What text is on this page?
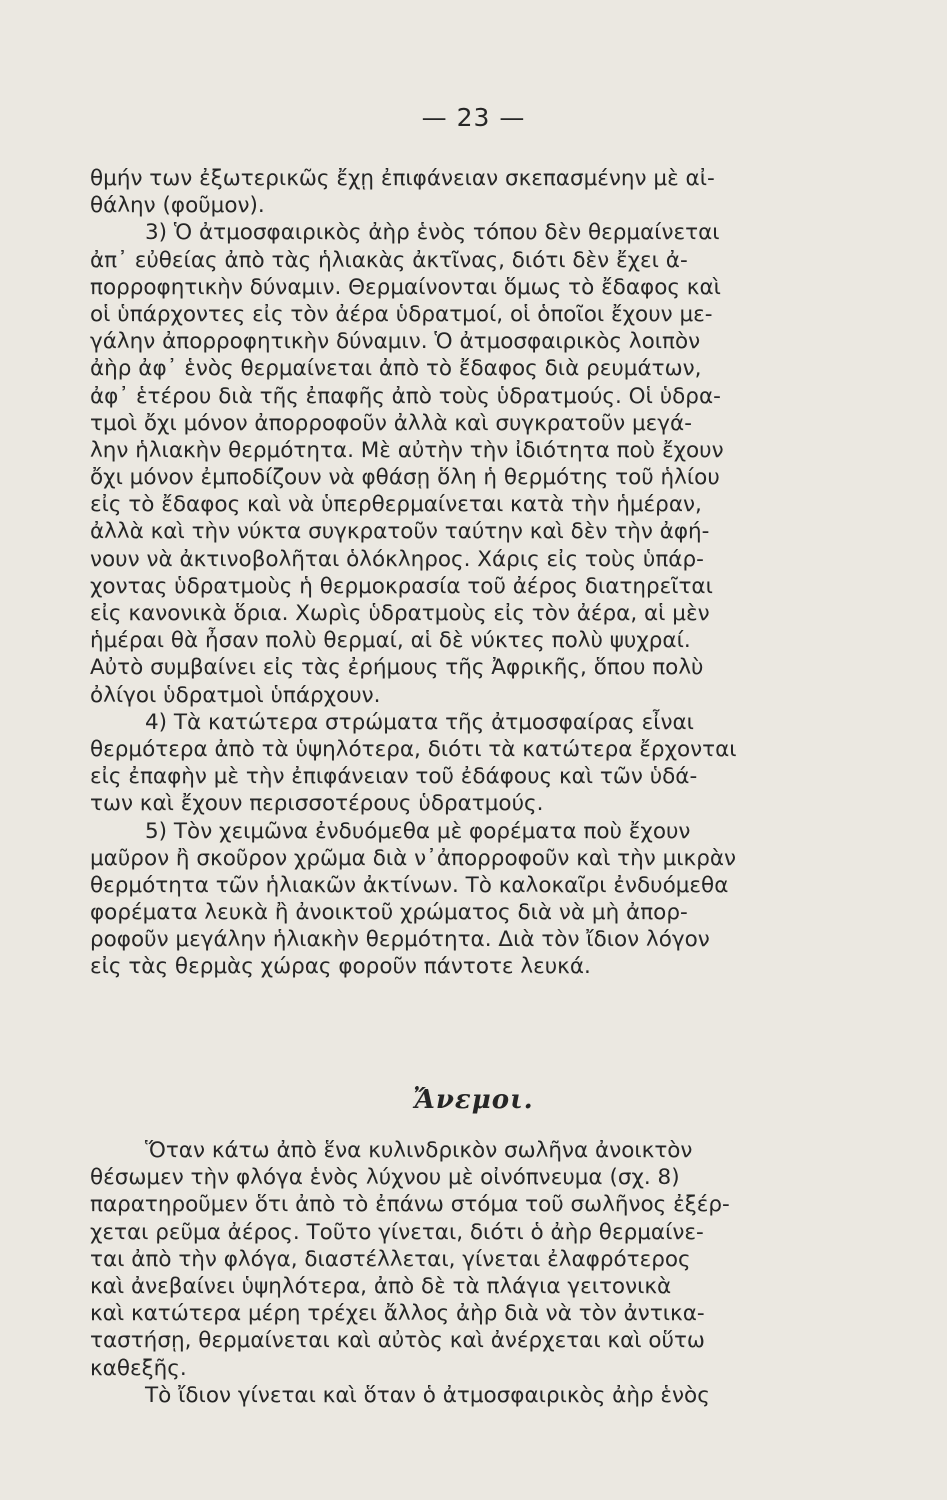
— 23 —
θμήν των ἐξωτερικῶς ἔχῃ ἐπιφάνειαν σκεπασμένην μὲ αἰ-
θάλην (φοῦμον).
3) Ὁ ἀτμοσφαιρικὸς ἀὴρ ἑνὸς τόπου δὲν θερμαίνεται
ἀπ᾿ εὐθείας ἀπὸ τὰς ἡλιακὰς ἀκτῖνας, διότι δὲν ἔχει ἀ-
πορροφητικὴν δύναμιν. Θερμαίνονται ὅμως τὸ ἔδαφος καὶ
οἱ ὑπάρχοντες εἰς τὸν ἀέρα ὑδρατμοί, οἱ ὁποῖοι ἔχουν με-
γάλην ἀπορροφητικὴν δύναμιν. Ὁ ἀτμοσφαιρικὸς λοιπὸν
ἀὴρ ἀφ᾿ ἑνὸς θερμαίνεται ἀπὸ τὸ ἔδαφος διὰ ρευμάτων,
ἀφ᾿ ἑτέρου διὰ τῆς ἐπαφῆς ἀπὸ τοὺς ὑδρατμούς. Οἱ ὑδρα-
τμοὶ ὄχι μόνον ἀπορροφοῦν ἀλλὰ καὶ συγκρατοῦν μεγά-
λην ἡλιακὴν θερμότητα. Μὲ αὐτὴν τὴν ἰδιότητα ποὺ ἔχουν
ὄχι μόνον ἐμποδίζουν νὰ φθάσῃ ὅλη ἡ θερμότης τοῦ ἡλίου
εἰς τὸ ἔδαφος καὶ νὰ ὑπερθερμαίνεται κατὰ τὴν ἡμέραν,
ἀλλὰ καὶ τὴν νύκτα συγκρατοῦν ταύτην καὶ δὲν τὴν ἀφή-
νουν νὰ ἀκτινοβολῆται ὁλόκληρος. Χάρις εἰς τοὺς ὑπάρ-
χοντας ὑδρατμοὺς ἡ θερμοκρασία τοῦ ἀέρος διατηρεῖται
εἰς κανονικὰ ὅρια. Χωρὶς ὑδρατμοὺς εἰς τὸν ἀέρα, αἱ μὲν
ἡμέραι θὰ ἦσαν πολὺ θερμαί, αἱ δὲ νύκτες πολὺ ψυχραί.
Αὐτὸ συμβαίνει εἰς τὰς ἐρήμους τῆς Ἀφρικῆς, ὅπου πολὺ
ὀλίγοι ὑδρατμοὶ ὑπάρχουν.
4) Τὰ κατώτερα στρώματα τῆς ἀτμοσφαίρας εἶναι
θερμότερα ἀπὸ τὰ ὑψηλότερα, διότι τὰ κατώτερα ἔρχονται
εἰς ἐπαφὴν μὲ τὴν ἐπιφάνειαν τοῦ ἐδάφους καὶ τῶν ὑδά-
των καὶ ἔχουν περισσοτέρους ὑδρατμούς.
5) Τὸν χειμῶνα ἐνδυόμεθα μὲ φορέματα ποὺ ἔχουν
μαῦρον ἢ σκοῦρον χρῶμα διὰ ν᾿ἀπορροφοῦν καὶ τὴν μικρὰν
θερμότητα τῶν ἡλιακῶν ἀκτίνων. Τὸ καλοκαῖρι ἐνδυόμεθα
φορέματα λευκὰ ἢ ἀνοικτοῦ χρώματος διὰ νὰ μὴ ἀπορ-
ροφοῦν μεγάλην ἡλιακὴν θερμότητα. Διὰ τὸν ἴδιον λόγον
εἰς τὰς θερμὰς χώρας φοροῦν πάντοτε λευκά.
Ἄνεμοι.
Ὅταν κάτω ἀπὸ ἕνα κυλινδρικὸν σωλῆνα ἀνοικτὸν
θέσωμεν τὴν φλόγα ἑνὸς λύχνου μὲ οἰνόπνευμα (σχ. 8)
παρατηροῦμεν ὅτι ἀπὸ τὸ ἐπάνω στόμα τοῦ σωλῆνος ἐξέρ-
χεται ρεῦμα ἀέρος. Τοῦτο γίνεται, διότι ὁ ἀὴρ θερμαίνε-
ται ἀπὸ τὴν φλόγα, διαστέλλεται, γίνεται ἐλαφρότερος
καὶ ἀνεβαίνει ὑψηλότερα, ἀπὸ δὲ τὰ πλάγια γειτονικὰ
καὶ κατώτερα μέρη τρέχει ἄλλος ἀὴρ διὰ νὰ τὸν ἀντικα-
ταστήσῃ, θερμαίνεται καὶ αὐτὸς καὶ ἀνέρχεται καὶ οὕτω
καθεξῆς.
Τὸ ἴδιον γίνεται καὶ ὅταν ὁ ἀτμοσφαιρικὸς ἀὴρ ἑνὸς
